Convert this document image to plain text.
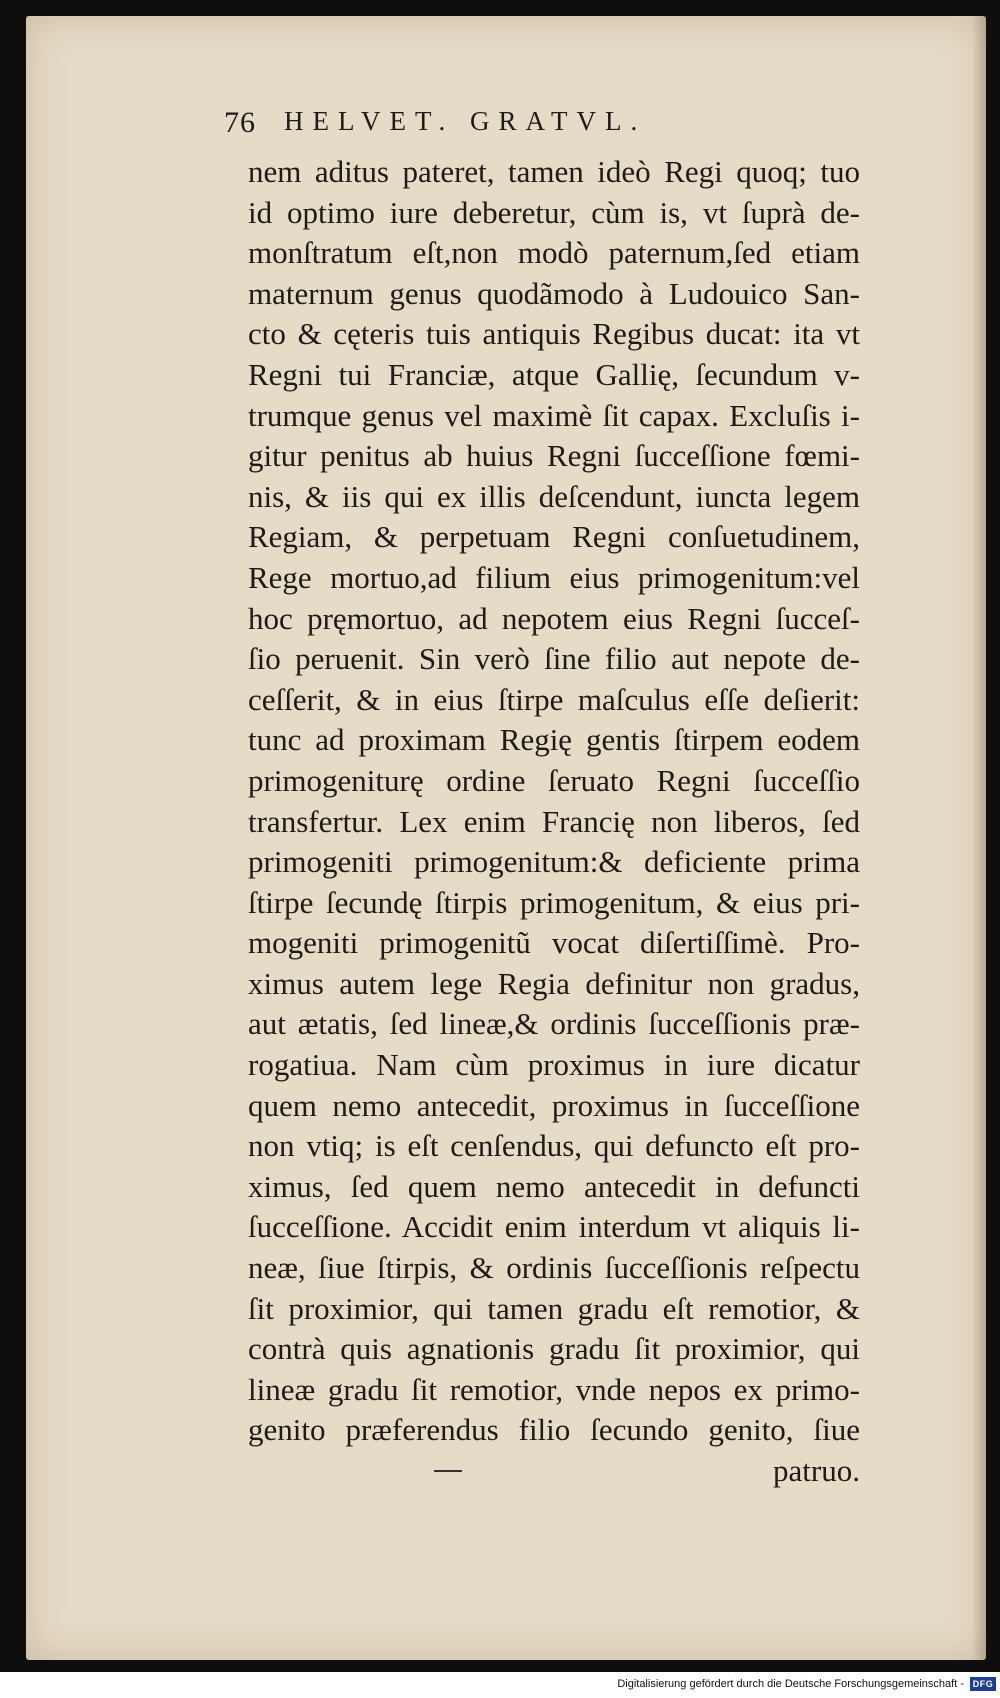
76 HELVET. GRATVL.
nem aditus pateret, tamen ideò Regi quoq; tuo
id optimo iure deberetur, cùm is, vt ſuprà de-
monſtratum eſt,non modò paternum,ſed etiam
maternum genus quodãmodo à Ludouico San-
cto & cęteris tuis antiquis Regibus ducat: ita vt
Regni tui Franciæ, atque Gallię, ſecundum v-
trumque genus vel maximè ſit capax. Excluſis i-
gitur penitus ab huius Regni ſucceſſione fœmi-
nis, & iis qui ex illis deſcendunt, iuncta legem
Regiam, & perpetuam Regni conſuetudinem,
Rege mortuo,ad filium eius primogenitum:vel
hoc pręmortuo, ad nepotem eius Regni ſucceſ-
ſio peruenit. Sin verò ſine filio aut nepote de-
ceſſerit, & in eius ſtirpe maſculus eſſe deſierit:
tunc ad proximam Regię gentis ſtirpem eodem
primogeniturę ordine ſeruato Regni ſucceſſio
transfertur. Lex enim Francię non liberos, ſed
primogeniti primogenitum:& deficiente prima
ſtirpe ſecundę ſtirpis primogenitum, & eius pri-
mogeniti primogenitũ vocat diſertiſſimè. Pro-
ximus autem lege Regia definitur non gradus,
aut ætatis, ſed lineæ,& ordinis ſucceſſionis præ-
rogatiua. Nam cùm proximus in iure dicatur
quem nemo antecedit, proximus in ſucceſſione
non vtiq; is eſt cenſendus, qui defuncto eſt pro-
ximus, ſed quem nemo antecedit in defuncti
ſucceſſione. Accidit enim interdum vt aliquis li-
neæ, ſiue ſtirpis, & ordinis ſucceſſionis reſpectu
ſit proximior, qui tamen gradu eſt remotior, &
contrà quis agnationis gradu ſit proximior, qui
lineæ gradu ſit remotior, vnde nepos ex primo-
genito præferendus filio ſecundo genito, ſiue
patruo.
Digitalisierung gefördert durch die Deutsche Forschungsgemeinschaft - DFG
